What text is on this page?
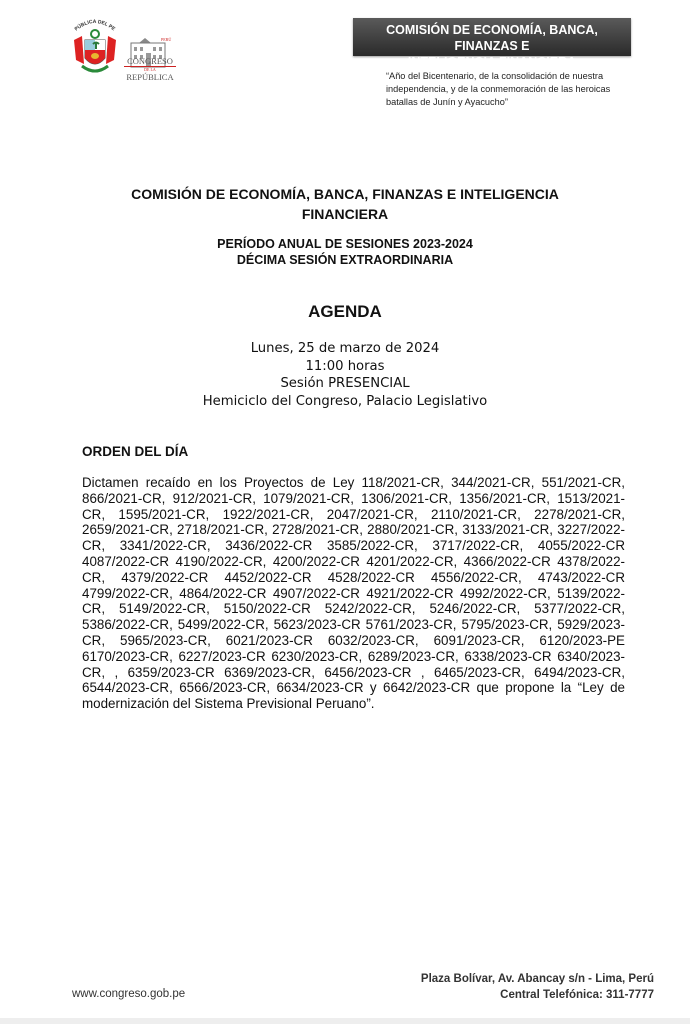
PÚBLICA DEL PE
PERÚ
CONGRESO
DE LA
REPÚBLICA
COMISIÓN DE ECONOMÍA, BANCA, FINANZAS E
INTELIGENCIA FINANCIERA
“Año del Bicentenario, de la consolidación de nuestra
independencia, y de la conmemoración de las heroicas
batallas de Junín y Ayacucho”
COMISIÓN DE ECONOMÍA, BANCA, FINANZAS E INTELIGENCIA
FINANCIERA
PERÍODO ANUAL DE SESIONES 2023-2024
DÉCIMA SESIÓN EXTRAORDINARIA
AGENDA
Lunes, 25 de marzo de 2024
11:00 horas
Sesión PRESENCIAL
Hemiciclo del Congreso, Palacio Legislativo
ORDEN DEL DÍA
Dictamen recaído en los Proyectos de Ley 118/2021-CR, 344/2021-CR, 551/2021-CR,
866/2021-CR, 912/2021-CR, 1079/2021-CR, 1306/2021-CR, 1356/2021-CR, 1513/2021-
CR, 1595/2021-CR, 1922/2021-CR, 2047/2021-CR, 2110/2021-CR, 2278/2021-CR,
2659/2021-CR, 2718/2021-CR, 2728/2021-CR, 2880/2021-CR, 3133/2021-CR, 3227/2022-
CR, 3341/2022-CR, 3436/2022-CR 3585/2022-CR, 3717/2022-CR, 4055/2022-CR
4087/2022-CR 4190/2022-CR, 4200/2022-CR 4201/2022-CR, 4366/2022-CR 4378/2022-
CR, 4379/2022-CR 4452/2022-CR 4528/2022-CR 4556/2022-CR, 4743/2022-CR
4799/2022-CR, 4864/2022-CR 4907/2022-CR 4921/2022-CR 4992/2022-CR, 5139/2022-
CR, 5149/2022-CR, 5150/2022-CR 5242/2022-CR, 5246/2022-CR, 5377/2022-CR,
5386/2022-CR, 5499/2022-CR, 5623/2023-CR 5761/2023-CR, 5795/2023-CR, 5929/2023-
CR, 5965/2023-CR, 6021/2023-CR 6032/2023-CR, 6091/2023-CR, 6120/2023-PE
6170/2023-CR, 6227/2023-CR 6230/2023-CR, 6289/2023-CR, 6338/2023-CR 6340/2023-
CR, , 6359/2023-CR 6369/2023-CR, 6456/2023-CR , 6465/2023-CR, 6494/2023-CR,
6544/2023-CR, 6566/2023-CR, 6634/2023-CR y 6642/2023-CR que propone la “Ley de
modernización del Sistema Previsional Peruano”.
www.congreso.gob.pe
Plaza Bolívar, Av. Abancay s/n - Lima, Perú
Central Telefónica: 311-7777
